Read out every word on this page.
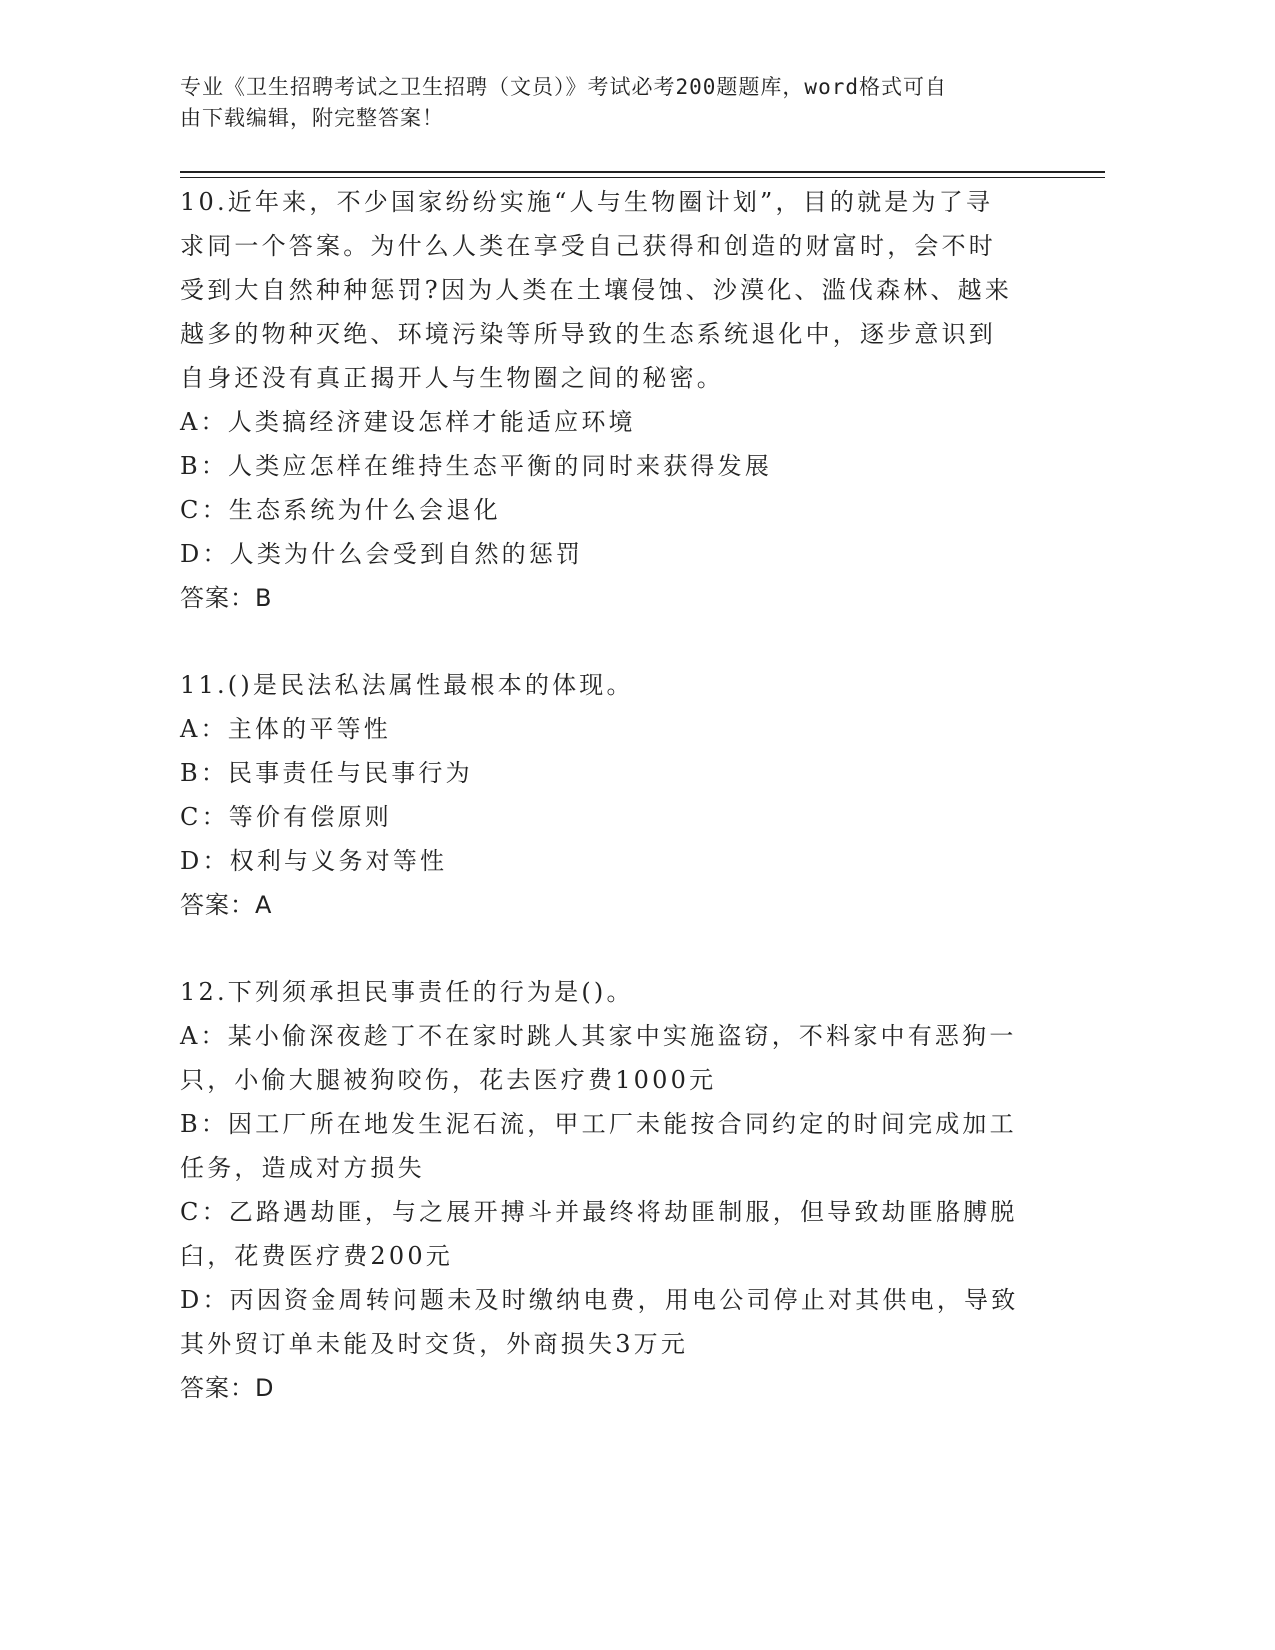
专业《卫生招聘考试之卫生招聘（文员）》考试必考200题题库，word格式可自
由下载编辑，附完整答案！
10.近年来，不少国家纷纷实施“人与生物圈计划”，目的就是为了寻
求同一个答案。为什么人类在享受自己获得和创造的财富时，会不时
受到大自然种种惩罚?因为人类在土壤侵蚀、沙漠化、滥伐森林、越来
越多的物种灭绝、环境污染等所导致的生态系统退化中，逐步意识到
自身还没有真正揭开人与生物圈之间的秘密。
A：人类搞经济建设怎样才能适应环境
B：人类应怎样在维持生态平衡的同时来获得发展
C：生态系统为什么会退化
D：人类为什么会受到自然的惩罚
答案：B
11.()是民法私法属性最根本的体现。
A：主体的平等性
B：民事责任与民事行为
C：等价有偿原则
D：权利与义务对等性
答案：A
12.下列须承担民事责任的行为是()。
A：某小偷深夜趁丁不在家时跳人其家中实施盗窃，不料家中有恶狗一
只，小偷大腿被狗咬伤，花去医疗费1000元
B：因工厂所在地发生泥石流，甲工厂未能按合同约定的时间完成加工
任务，造成对方损失
C：乙路遇劫匪，与之展开搏斗并最终将劫匪制服，但导致劫匪胳膊脱
臼，花费医疗费200元
D：丙因资金周转问题未及时缴纳电费，用电公司停止对其供电，导致
其外贸订单未能及时交货，外商损失3万元
答案：D
